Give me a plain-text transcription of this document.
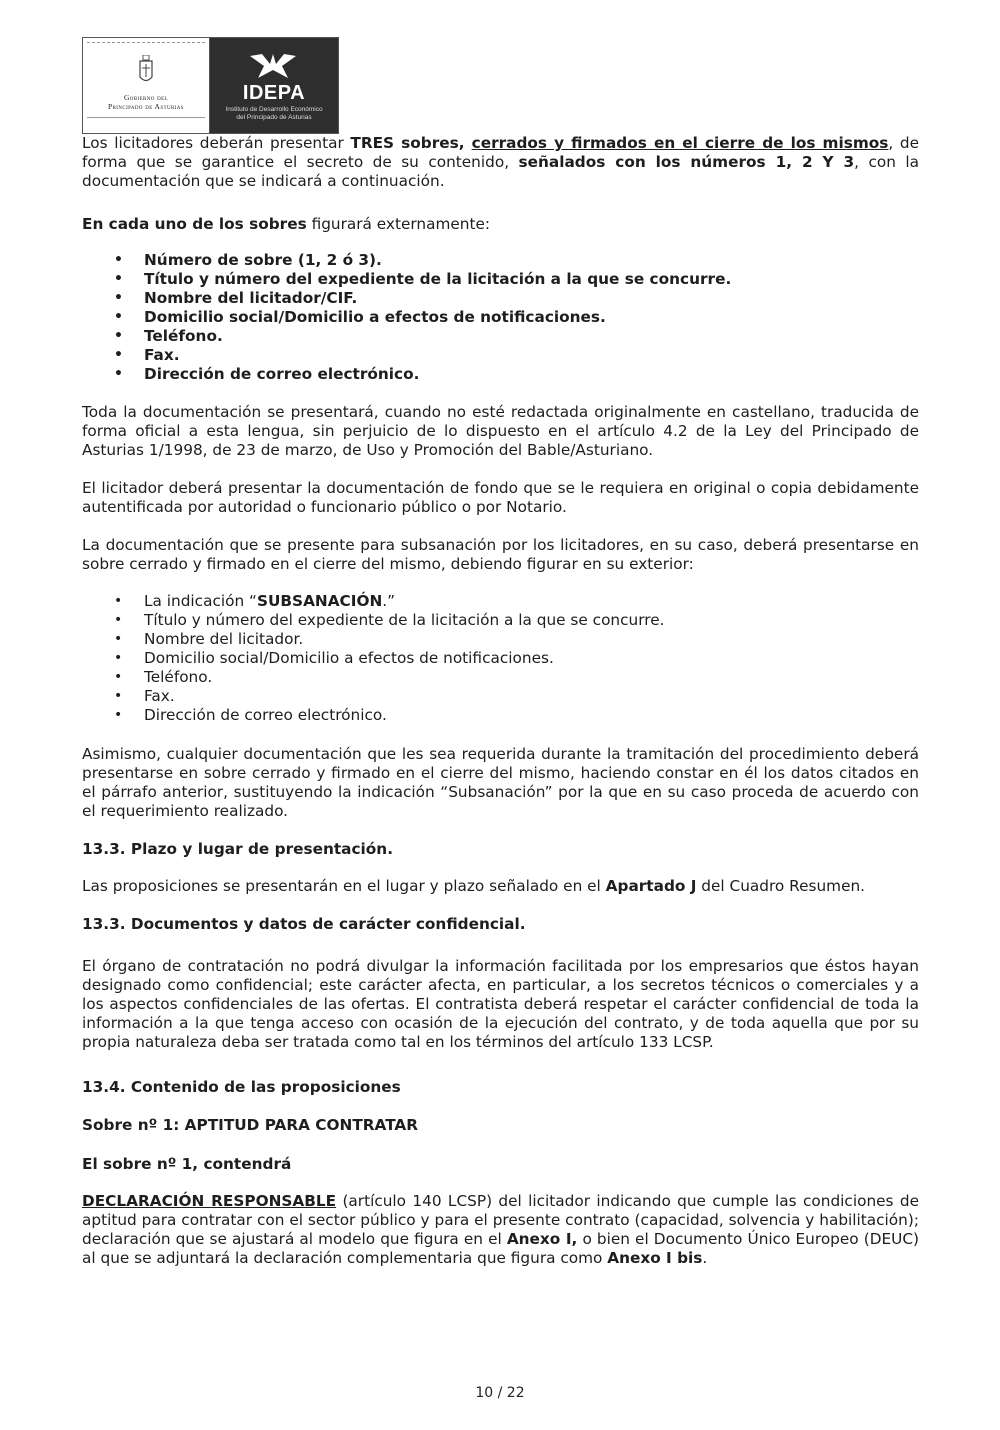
Gobierno del
Principado de Asturias
IDEPA
Instituto de Desarrollo Económico
del Principado de Asturias

Los licitadores deberán presentar TRES sobres, cerrados y firmados en el cierre de los mismos, de forma que se garantice el secreto de su contenido, señalados con los números 1, 2 Y 3, con la documentación que se indicará a continuación.

En cada uno de los sobres figurará externamente:

• Número de sobre (1, 2 ó 3).
• Título y número del expediente de la licitación a la que se concurre.
• Nombre del licitador/CIF.
• Domicilio social/Domicilio a efectos de notificaciones.
• Teléfono.
• Fax.
• Dirección de correo electrónico.

Toda la documentación se presentará, cuando no esté redactada originalmente en castellano, traducida de forma oficial a esta lengua, sin perjuicio de lo dispuesto en el artículo 4.2 de la Ley del Principado de Asturias 1/1998, de 23 de marzo, de Uso y Promoción del Bable/Asturiano.

El licitador deberá presentar la documentación de fondo que se le requiera en original o copia debidamente autentificada por autoridad o funcionario público o por Notario.

La documentación que se presente para subsanación por los licitadores, en su caso, deberá presentarse en sobre cerrado y firmado en el cierre del mismo, debiendo figurar en su exterior:

• La indicación “SUBSANACIÓN.”
• Título y número del expediente de la licitación a la que se concurre.
• Nombre del licitador.
• Domicilio social/Domicilio a efectos de notificaciones.
• Teléfono.
• Fax.
• Dirección de correo electrónico.

Asimismo, cualquier documentación que les sea requerida durante la tramitación del procedimiento deberá presentarse en sobre cerrado y firmado en el cierre del mismo, haciendo constar en él los datos citados en el párrafo anterior, sustituyendo la indicación “Subsanación” por la que en su caso proceda de acuerdo con el requerimiento realizado.

13.3. Plazo y lugar de presentación.

Las proposiciones se presentarán en el lugar y plazo señalado en el Apartado J del Cuadro Resumen.

13.3. Documentos y datos de carácter confidencial.

El órgano de contratación no podrá divulgar la información facilitada por los empresarios que éstos hayan designado como confidencial; este carácter afecta, en particular, a los secretos técnicos o comerciales y a los aspectos confidenciales de las ofertas. El contratista deberá respetar el carácter confidencial de toda la información a la que tenga acceso con ocasión de la ejecución del contrato, y de toda aquella que por su propia naturaleza deba ser tratada como tal en los términos del artículo 133 LCSP.

13.4. Contenido de las proposiciones
Sobre nº 1: APTITUD PARA CONTRATAR
El sobre nº 1, contendrá

DECLARACIÓN RESPONSABLE (artículo 140 LCSP) del licitador indicando que cumple las condiciones de aptitud para contratar con el sector público y para el presente contrato (capacidad, solvencia y habilitación); declaración que se ajustará al modelo que figura en el Anexo I, o bien el Documento Único Europeo (DEUC) al que se adjuntará la declaración complementaria que figura como Anexo I bis.

10 / 22
